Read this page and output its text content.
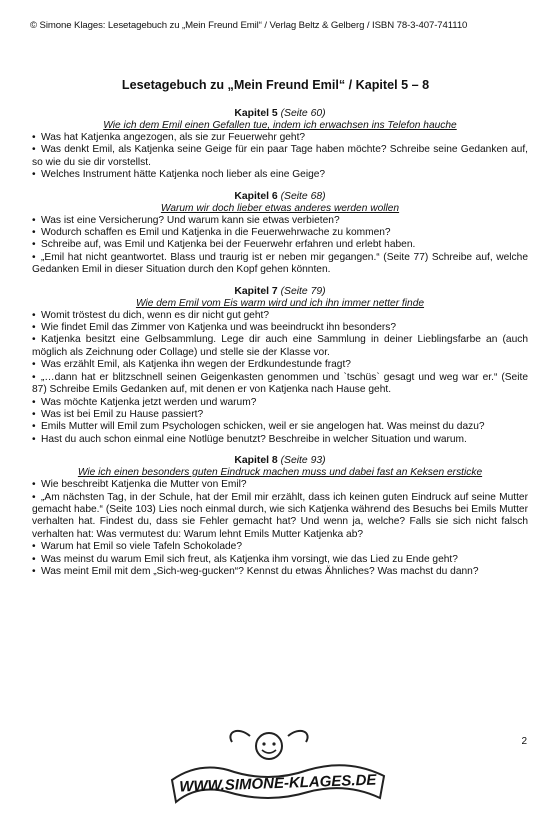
© Simone Klages: Lesetagebuch zu „Mein Freund Emil“ / Verlag Beltz & Gelberg / ISBN 78-3-407-741110
Lesetagebuch zu „Mein Freund Emil“ / Kapitel 5 – 8
Kapitel 5 (Seite 60)
Wie ich dem Emil einen Gefallen tue, indem ich erwachsen ins Telefon hauche
• Was hat Katjenka angezogen, als sie zur Feuerwehr geht?
• Was denkt Emil, als Katjenka seine Geige für ein paar Tage haben möchte? Schreibe seine Gedanken auf, so wie du sie dir vorstellst.
• Welches Instrument hätte Katjenka noch lieber als eine Geige?
Kapitel 6 (Seite 68)
Warum wir doch lieber etwas anderes werden wollen
• Was ist eine Versicherung? Und warum kann sie etwas verbieten?
• Wodurch schaffen es Emil und Katjenka in die Feuerwehrwache zu kommen?
• Schreibe auf, was Emil und Katjenka bei der Feuerwehr erfahren und erlebt haben.
• „Emil hat nicht geantwortet. Blass und traurig ist er neben mir gegangen.“ (Seite 77) Schreibe auf, welche Gedanken Emil in dieser Situation durch den Kopf gehen könnten.
Kapitel 7 (Seite 79)
Wie dem Emil vom Eis warm wird und ich ihn immer netter finde
• Womit tröstest du dich, wenn es dir nicht gut geht?
• Wie findet Emil das Zimmer von Katjenka und was beeindruckt ihn besonders?
• Katjenka besitzt eine Gelbsammlung. Lege dir auch eine Sammlung in deiner Lieblingsfarbe an (auch möglich als Zeichnung oder Collage) und stelle sie der Klasse vor.
• Was erzählt Emil, als Katjenka ihn wegen der Erdkundestunde fragt?
• „…dann hat er blitzschnell seinen Geigenkasten genommen und `tschüs` gesagt und weg war er.“ (Seite 87) Schreibe Emils Gedanken auf, mit denen er von Katjenka nach Hause geht.
• Was möchte Katjenka jetzt werden und warum?
• Was ist bei Emil zu Hause passiert?
• Emils Mutter will Emil zum Psychologen schicken, weil er sie angelogen hat. Was meinst du dazu?
• Hast du auch schon einmal eine Notlüge benutzt? Beschreibe in welcher Situation und warum.
Kapitel 8 (Seite 93)
Wie ich einen besonders guten Eindruck machen muss und dabei fast an Keksen ersticke
• Wie beschreibt Katjenka die Mutter von Emil?
• „Am nächsten Tag, in der Schule, hat der Emil mir erzählt, dass ich keinen guten Eindruck auf seine Mutter gemacht habe.“ (Seite 103) Lies noch einmal durch, wie sich Katjenka während des Besuchs bei Emils Mutter verhalten hat. Findest du, dass sie Fehler gemacht hat? Und wenn ja, welche? Falls sie sich nicht falsch verhalten hat: Was vermutest du: Warum lehnt Emils Mutter Katjenka ab?
• Warum hat Emil so viele Tafeln Schokolade?
• Was meinst du warum Emil sich freut, als Katjenka ihm vorsingt, wie das Lied zu Ende geht?
• Was meint Emil mit dem „Sich-weg-gucken“? Kennst du etwas Ähnliches? Was machst du dann?
2
WWW.SIMONE-KLAGES.DE
